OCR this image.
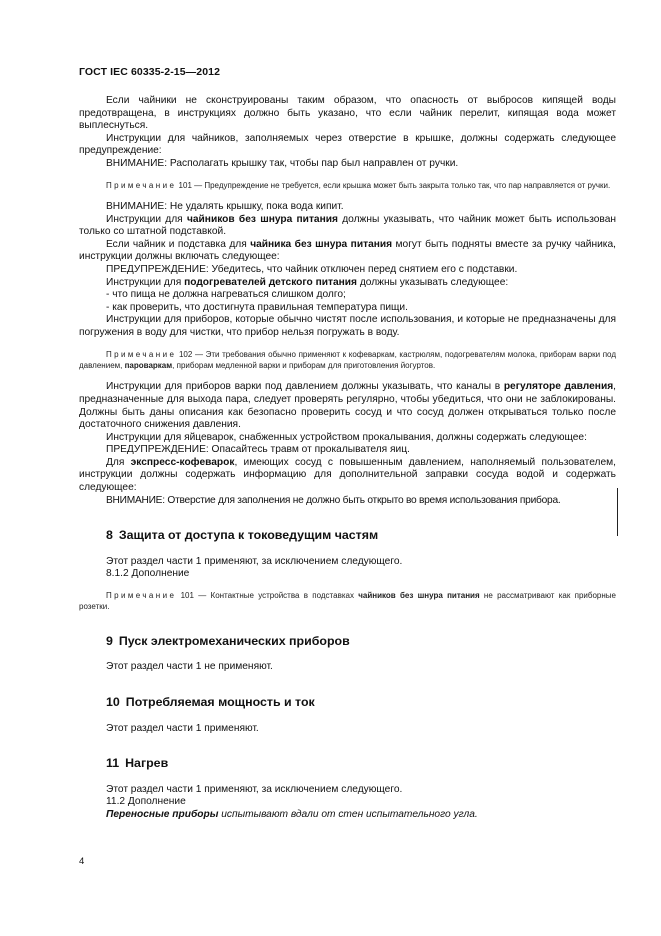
ГОСТ IEC 60335-2-15—2012

Если чайники не сконструированы таким образом, что опасность от выбросов кипящей воды предотвращена, в инструкциях должно быть указано, что если чайник перелит, кипящая вода может выплеснуться.

Инструкции для чайников, заполняемых через отверстие в крышке, должны содержать следующее предупреждение:

ВНИМАНИЕ: Располагать крышку так, чтобы пар был направлен от ручки.

Примечание 101 — Предупреждение не требуется, если крышка может быть закрыта только так, что пар направляется от ручки.

ВНИМАНИЕ: Не удалять крышку, пока вода кипит.

Инструкции для чайников без шнура питания должны указывать, что чайник может быть использован только со штатной подставкой.

Если чайник и подставка для чайника без шнура питания могут быть подняты вместе за ручку чайника, инструкции должны включать следующее:

ПРЕДУПРЕЖДЕНИЕ: Убедитесь, что чайник отключен перед снятием его с подставки.

Инструкции для подогревателей детского питания должны указывать следующее:

- что пища не должна нагреваться слишком долго;

- как проверить, что достигнута правильная температура пищи.

Инструкции для приборов, которые обычно чистят после использования, и которые не предназначены для погружения в воду для чистки, что прибор нельзя погружать в воду.

Примечание 102 — Эти требования обычно применяют к кофеваркам, кастрюлям, подогревателям молока, приборам варки под давлением, пароваркам, приборам медленной варки и приборам для приготовления йогуртов.

Инструкции для приборов варки под давлением должны указывать, что каналы в регуляторе давления, предназначенные для выхода пара, следует проверять регулярно, чтобы убедиться, что они не заблокированы. Должны быть даны описания как безопасно проверить сосуд и что сосуд должен открываться только после достаточного снижения давления.

Инструкции для яйцеварок, снабженных устройством прокалывания, должны содержать следующее:

ПРЕДУПРЕЖДЕНИЕ: Опасайтесь травм от прокалывателя яиц.

Для экспресс-кофеварок, имеющих сосуд с повышенным давлением, наполняемый пользователем, инструкции должны содержать информацию для дополнительной заправки сосуда водой и содержать следующее:

ВНИМАНИЕ: Отверстие для заполнения не должно быть открыто во время использования прибора.

8 Защита от доступа к токоведущим частям

Этот раздел части 1 применяют, за исключением следующего.

8.1.2 Дополнение

Примечание 101 — Контактные устройства в подставках чайников без шнура питания не рассматривают как приборные розетки.

9 Пуск электромеханических приборов

Этот раздел части 1 не применяют.

10 Потребляемая мощность и ток

Этот раздел части 1 применяют.

11 Нагрев

Этот раздел части 1 применяют, за исключением следующего.

11.2 Дополнение

Переносные приборы испытывают вдали от стен испытательного угла.

4
